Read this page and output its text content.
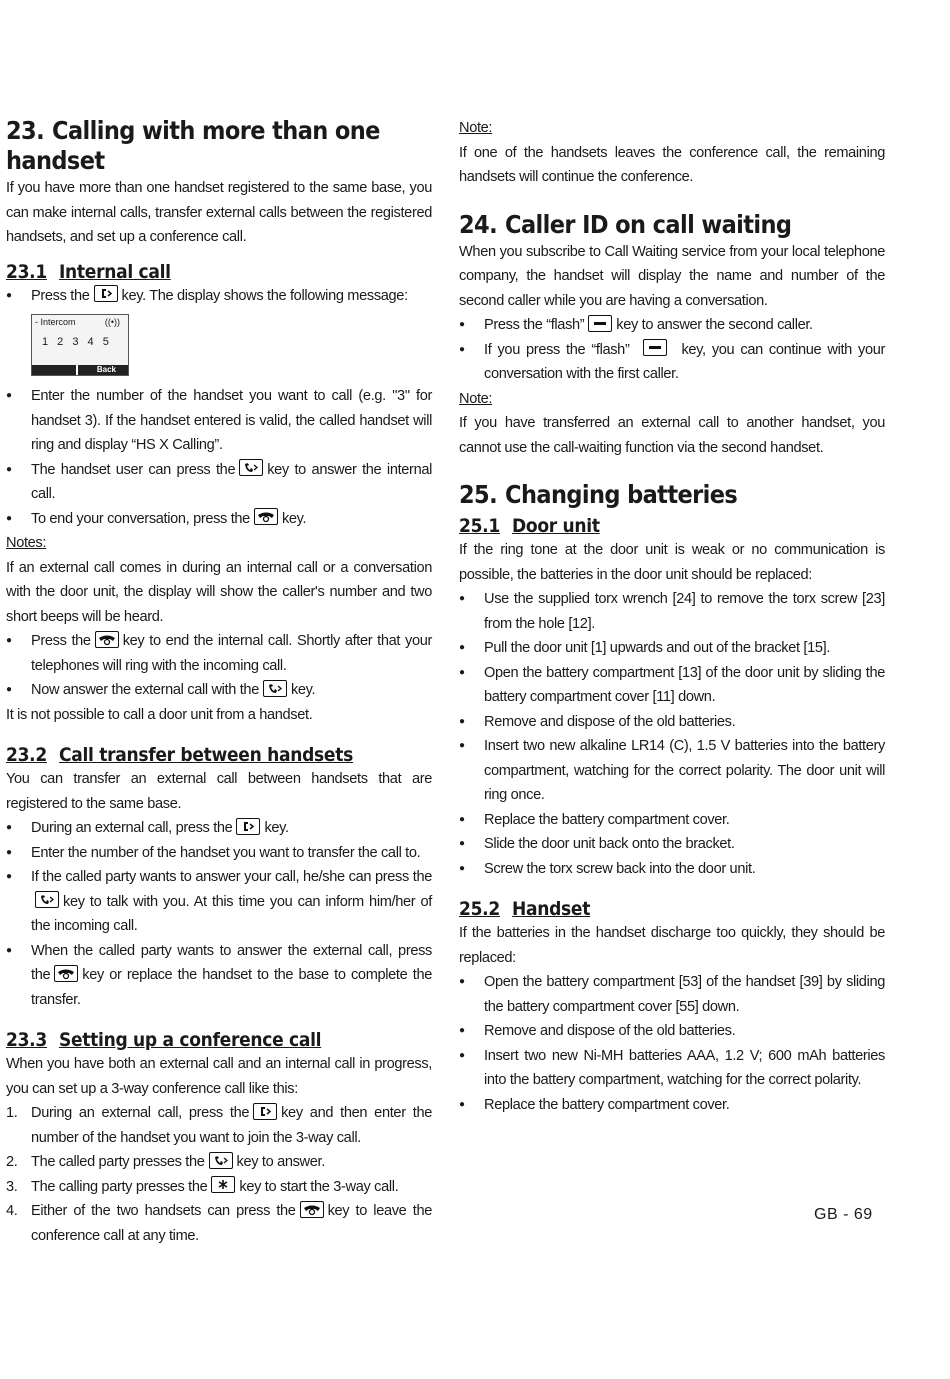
23. Calling with more than one handset

If you have more than one handset registered to the same base, you can make internal calls, transfer external calls between the registered handsets, and set up a conference call.

23.1 Internal call
● Press the key. The display shows the following message:
- Intercom	((•))
1 2 3 4 5
Back
● Enter the number of the handset you want to call (e.g. "3" for handset 3). If the handset entered is valid, the called handset will ring and display “HS X Calling”.
● The handset user can press the key to answer the internal call.
● To end your conversation, press the key.

Notes:

If an external call comes in during an internal call or a conversation with the door unit, the display will show the caller's number and two short beeps will be heard.

● Press the key to end the internal call. Shortly after that your telephones will ring with the incoming call.
● Now answer the external call with the key.

It is not possible to call a door unit from a handset.

23.2 Call transfer between handsets

You can transfer an external call between handsets that are registered to the same base.

● During an external call, press the key.
● Enter the number of the handset you want to transfer the call to.
● If the called party wants to answer your call, he/she can press the
key to talk with you. At this time you can inform him/her of the incoming call.
● When the called party wants to answer the external call, press the key or replace the handset to the base to complete the transfer.
23.3 Setting up a conference call

When you have both an external call and an internal call in progress, you can set up a 3-way conference call like this:

1. During an external call, press the key and then enter the number of the handset you want to join the 3-way call.
2. The called party presses the key to answer.
3. The calling party presses the key to start the 3-way call.
4. Either of the two handsets can press the key to leave the conference call at any time.

Note:

If one of the handsets leaves the conference call, the remaining handsets will continue the conference.

24. Caller ID on call waiting

When you subscribe to Call Waiting service from your local telephone company, the handset will display the name and number of the second caller while you are having a conversation.

● Press the “flash” key to answer the second caller.
● If you press the “flash”	key, you can continue with your conversation with the first caller.

Note:

If you have transferred an external call to another handset, you cannot use the call-waiting function via the second handset.

25. Changing batteries
25.1 Door unit

If the ring tone at the door unit is weak or no communication is possible, the batteries in the door unit should be replaced:

● Use the supplied torx wrench [24] to remove the torx screw [23] from the hole [12].
● Pull the door unit [1] upwards and out of the bracket [15].
● Open the battery compartment [13] of the door unit by sliding the battery compartment cover [11] down.
● Remove and dispose of the old batteries.
● Insert two new alkaline LR14 (C), 1.5 V batteries into the battery compartment, watching for the correct polarity. The door unit will ring once.
● Replace the battery compartment cover.
● Slide the door unit back onto the bracket.
● Screw the torx screw back into the door unit.
25.2 Handset

If the batteries in the handset discharge too quickly, they should be replaced:

● Open the battery compartment [53] of the handset [39] by sliding the battery compartment cover [55] down.
● Remove and dispose of the old batteries.
● Insert two new Ni-MH batteries AAA, 1.2 V; 600 mAh batteries into the battery compartment, watching for the correct polarity.
● Replace the battery compartment cover.
GB - 69
